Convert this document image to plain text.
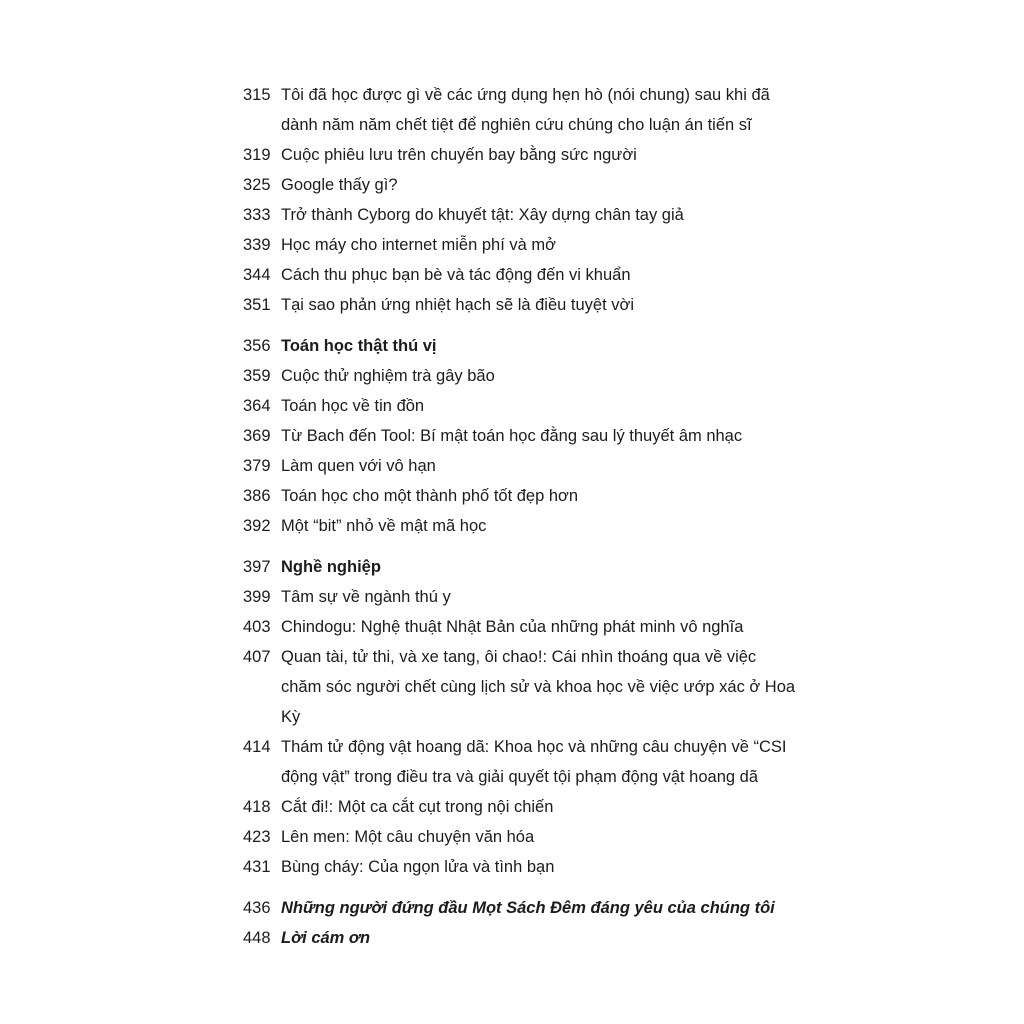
315 Tôi đã học được gì về các ứng dụng hẹn hò (nói chung) sau khi đã dành năm năm chết tiệt để nghiên cứu chúng cho luận án tiến sĩ
319 Cuộc phiêu lưu trên chuyến bay bằng sức người
325 Google thấy gì?
333 Trở thành Cyborg do khuyết tật: Xây dựng chân tay giả
339 Học máy cho internet miễn phí và mở
344 Cách thu phục bạn bè và tác động đến vi khuẩn
351 Tại sao phản ứng nhiệt hạch sẽ là điều tuyệt vời
356 Toán học thật thú vị
359 Cuộc thử nghiệm trà gây bão
364 Toán học về tin đồn
369 Từ Bach đến Tool: Bí mật toán học đằng sau lý thuyết âm nhạc
379 Làm quen với vô hạn
386 Toán học cho một thành phố tốt đẹp hơn
392 Một “bit” nhỏ về mật mã học
397 Nghề nghiệp
399 Tâm sự về ngành thú y
403 Chindogu: Nghệ thuật Nhật Bản của những phát minh vô nghĩa
407 Quan tài, tử thi, và xe tang, ôi chao!: Cái nhìn thoáng qua về việc chăm sóc người chết cùng lịch sử và khoa học về việc ướp xác ở Hoa Kỳ
414 Thám tử động vật hoang dã: Khoa học và những câu chuyện về “CSI động vật” trong điều tra và giải quyết tội phạm động vật hoang dã
418 Cắt đi!: Một ca cắt cụt trong nội chiến
423 Lên men: Một câu chuyện văn hóa
431 Bùng cháy: Của ngọn lửa và tình bạn
436 Những người đứng đầu Mọt Sách Đêm đáng yêu của chúng tôi
448 Lời cám ơn
